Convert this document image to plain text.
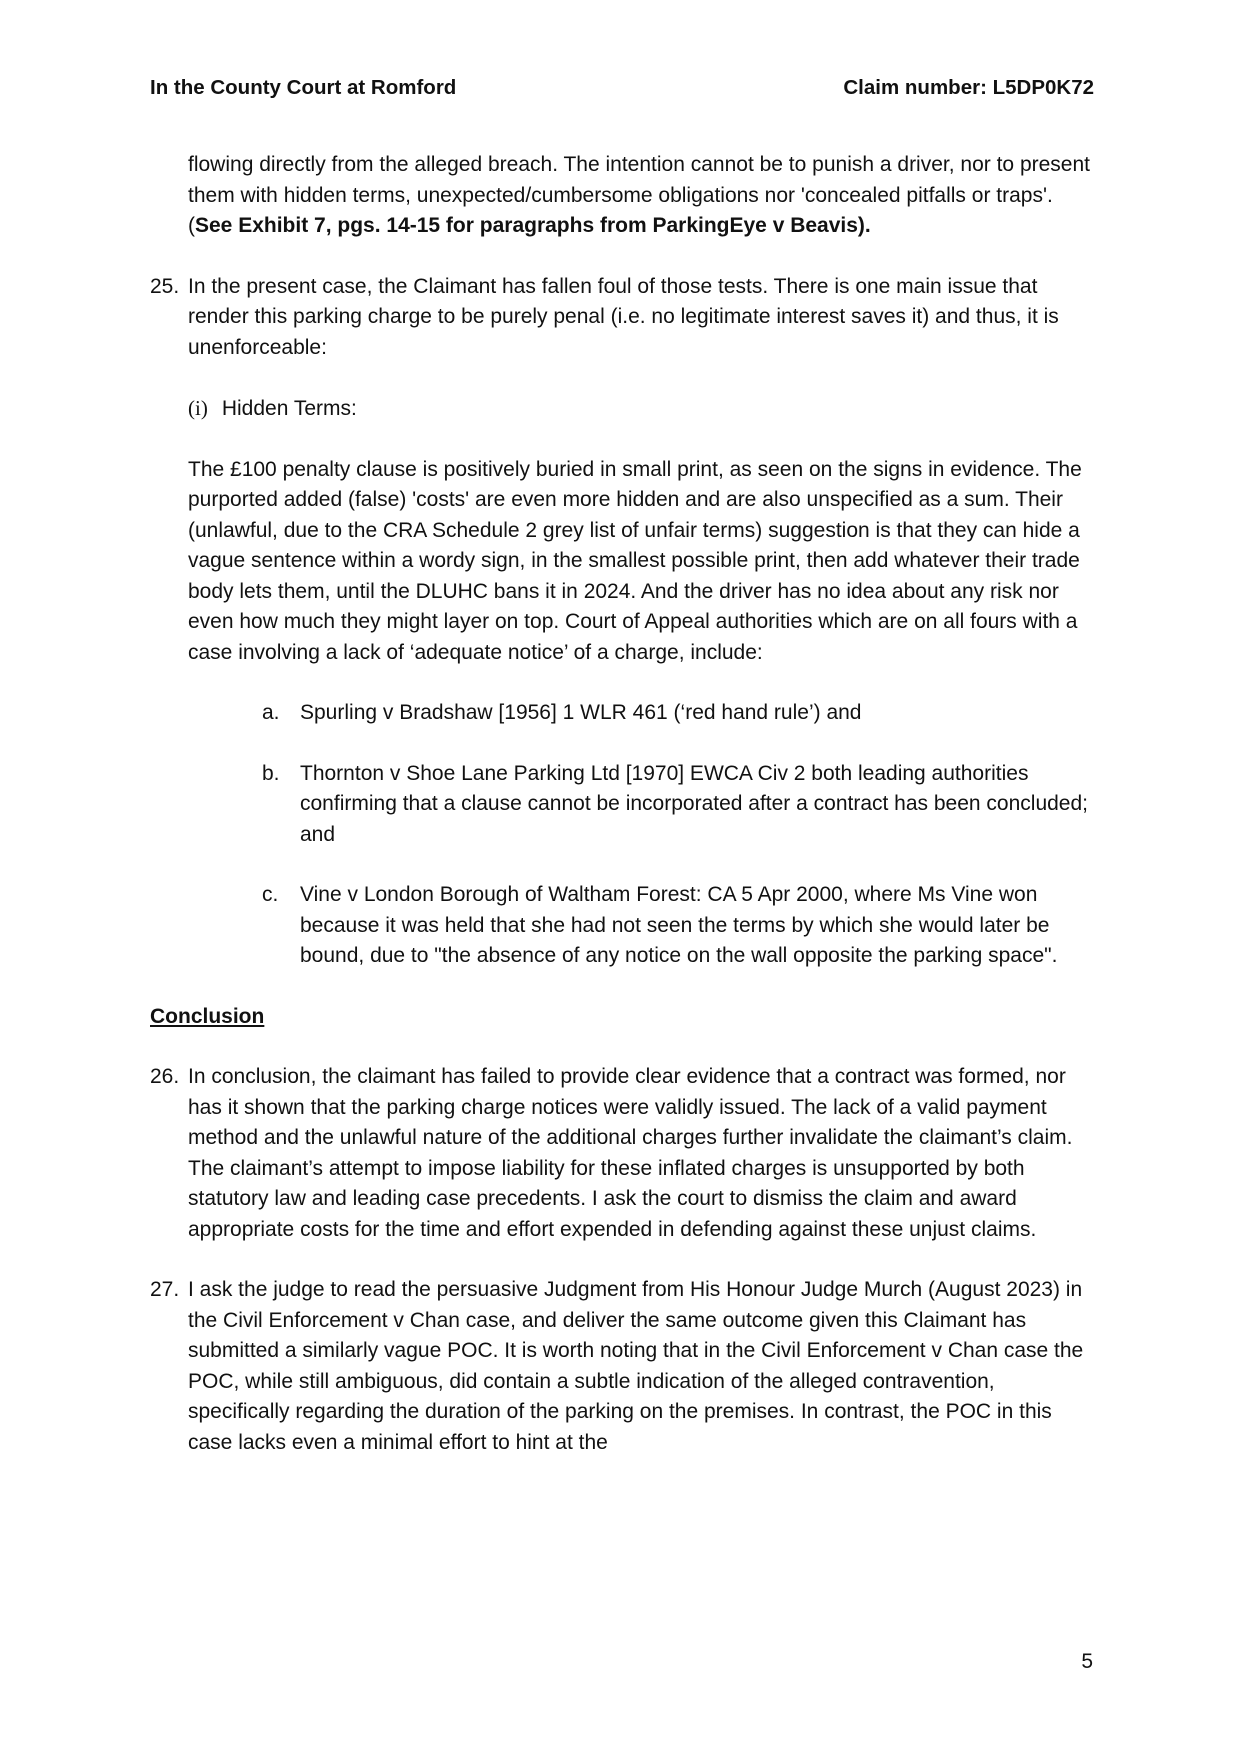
In the County Court at Romford	Claim number: L5DP0K72

flowing directly from the alleged breach. The intention cannot be to punish a driver, nor to present them with hidden terms, unexpected/cumbersome obligations nor 'concealed pitfalls or traps'. (See Exhibit 7, pgs. 14-15 for paragraphs from ParkingEye v Beavis).

25. In the present case, the Claimant has fallen foul of those tests. There is one main issue that render this parking charge to be purely penal (i.e. no legitimate interest saves it) and thus, it is unenforceable:

(i) Hidden Terms:

The £100 penalty clause is positively buried in small print, as seen on the signs in evidence. The purported added (false) 'costs' are even more hidden and are also unspecified as a sum. Their (unlawful, due to the CRA Schedule 2 grey list of unfair terms) suggestion is that they can hide a vague sentence within a wordy sign, in the smallest possible print, then add whatever their trade body lets them, until the DLUHC bans it in 2024. And the driver has no idea about any risk nor even how much they might layer on top. Court of Appeal authorities which are on all fours with a case involving a lack of ‘adequate notice’ of a charge, include:

a. Spurling v Bradshaw [1956] 1 WLR 461 (‘red hand rule’) and
b. Thornton v Shoe Lane Parking Ltd [1970] EWCA Civ 2 both leading authorities confirming that a clause cannot be incorporated after a contract has been concluded; and
c.	Vine v London Borough of Waltham Forest: CA 5 Apr 2000, where Ms Vine won because it was held that she had not seen the terms by which she would later be bound, due to "the absence of any notice on the wall opposite the parking space".

Conclusion

26. In conclusion, the claimant has failed to provide clear evidence that a contract was formed, nor has it shown that the parking charge notices were validly issued. The lack of a valid payment method and the unlawful nature of the additional charges further invalidate the claimant’s claim. The claimant’s attempt to impose liability for these inflated charges is unsupported by both statutory law and leading case precedents. I ask the court to dismiss the claim and award appropriate costs for the time and effort expended in defending against these unjust claims.
27. I ask the judge to read the persuasive Judgment from His Honour Judge Murch (August 2023) in the Civil Enforcement v Chan case, and deliver the same outcome given this Claimant has submitted a similarly vague POC. It is worth noting that in the Civil Enforcement v Chan case the POC, while still ambiguous, did contain a subtle indication of the alleged contravention, specifically regarding the duration of the parking on the premises. In contrast, the POC in this case lacks even a minimal effort to hint at the
5
